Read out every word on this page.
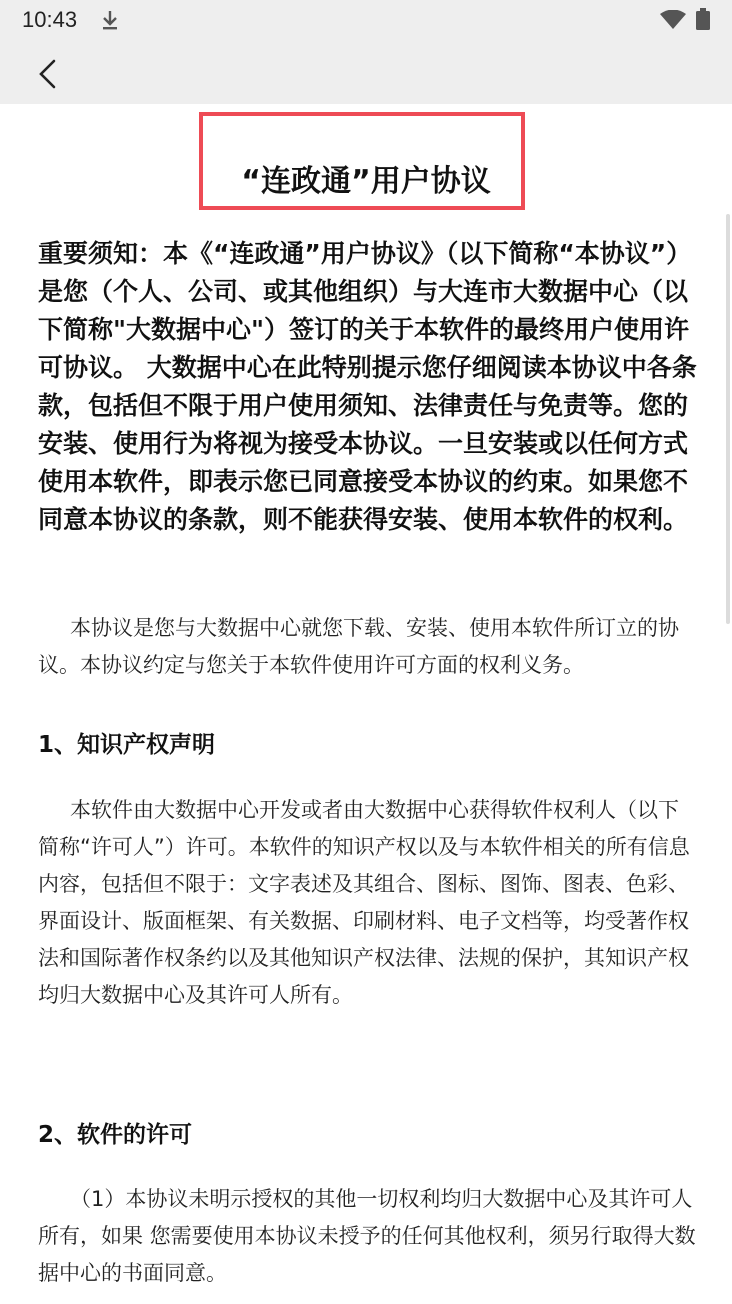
10:43
“连政通”用户协议
重要须知：本《“连政通”用户协议》（以下简称“本协议”）是您（个人、公司、或其他组织）与大连市大数据中心（以下简称"大数据中心"）签订的关于本软件的最终用户使用许可协议。 大数据中心在此特别提示您仔细阅读本协议中各条款，包括但不限于用户使用须知、法律责任与免责等。您的安装、使用行为将视为接受本协议。一旦安装或以任何方式使用本软件，即表示您已同意接受本协议的约束。如果您不同意本协议的条款，则不能获得安装、使用本软件的权利。
本协议是您与大数据中心就您下载、安装、使用本软件所订立的协议。本协议约定与您关于本软件使用许可方面的权利义务。
1、知识产权声明
本软件由大数据中心开发或者由大数据中心获得软件权利人（以下简称“许可人”）许可。本软件的知识产权以及与本软件相关的所有信息内容，包括但不限于：文字表述及其组合、图标、图饰、图表、色彩、界面设计、版面框架、有关数据、印刷材料、电子文档等，均受著作权法和国际著作权条约以及其他知识产权法律、法规的保护，其知识产权均归大数据中心及其许可人所有。
2、软件的许可
（1）本协议未明示授权的其他一切权利均归大数据中心及其许可人所有，如果 您需要使用本协议未授予的任何其他权利，须另行取得大数据中心的书面同意。
